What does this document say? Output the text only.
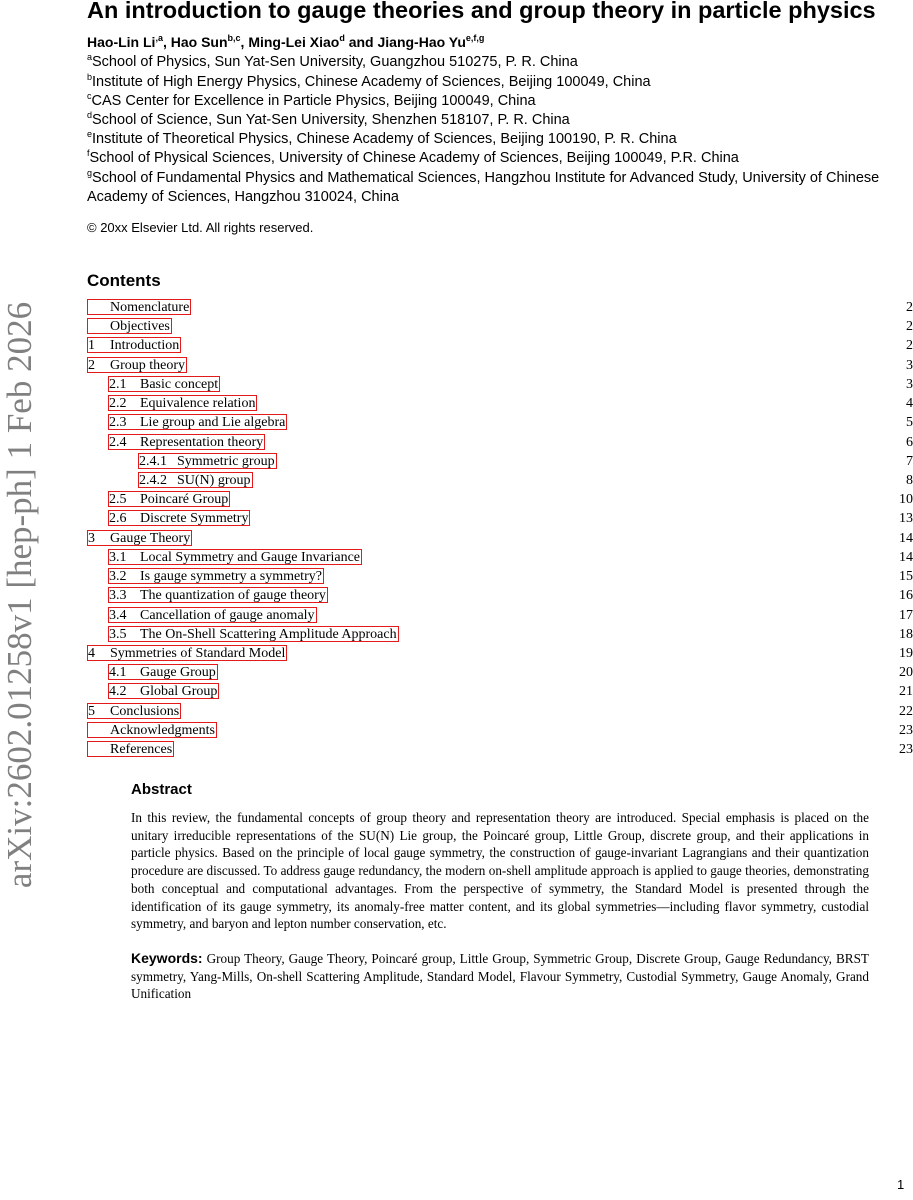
An introduction to gauge theories and group theory in particle physics
Hao-Lin $Li^{,a}$, Hao Sun$^{b,c}$, Ming-Lei Xiao$^d$ and Jiang-Hao Yu$^{e,f,g}$
$^a$School of Physics, Sun Yat-Sen University, Guangzhou 510275, P. R. China
$^b$Institute of High Energy Physics, Chinese Academy of Sciences, Beijing 100049, China
$^c$CAS Center for Excellence in Particle Physics, Beijing 100049, China
$^d$School of Science, Sun Yat-Sen University, Shenzhen 518107, P. R. China
$^e$Institute of Theoretical Physics, Chinese Academy of Sciences, Beijing 100190, P. R. China
$^f$School of Physical Sciences, University of Chinese Academy of Sciences, Beijing 100049, P.R. China
$^g$School of Fundamental Physics and Mathematical Sciences, Hangzhou Institute for Advanced Study, University of Chinese Academy of Sciences, Hangzhou 310024, China
© 20xx Elsevier Ltd. All rights reserved.
arXiv:2602.01258v1 [hep-ph] 1 Feb 2026
Contents
Nomenclature	2
Objectives	2
1 Introduction	2
2 Group theory	3
2.1 Basic concept	3
2.2 Equivalence relation	4
2.3 Lie group and Lie algebra	5
2.4 Representation theory	6
2.4.1 Symmetric group	7
2.4.2 SU(N) group	8
2.5 Poincaré Group	10
2.6 Discrete Symmetry	13
3 Gauge Theory	14
3.1 Local Symmetry and Gauge Invariance	14
3.2 Is gauge symmetry a symmetry?	15
3.3 The quantization of gauge theory	16
3.4 Cancellation of gauge anomaly	17
3.5 The On-Shell Scattering Amplitude Approach	18
4 Symmetries of Standard Model	19
4.1 Gauge Group	20
4.2 Global Group	21
5 Conclusions	22
Acknowledgments	23
References	23
Abstract
In this review, the fundamental concepts of group theory and representation theory are introduced. Special emphasis is placed on the unitary irreducible representations of the SU(N) Lie group, the Poincaré group, Little Group, discrete group, and their applications in particle physics. Based on the principle of local gauge symmetry, the construction of gauge-invariant Lagrangians and their quantization procedure are discussed. To address gauge redundancy, the modern on-shell amplitude approach is applied to gauge theories, demonstrating both conceptual and computational advantages. From the perspective of symmetry, the Standard Model is presented through the identification of its gauge symmetry, its anomaly-free matter content, and its global symmetries—including flavor symmetry, custodial symmetry, and baryon and lepton number conservation, etc.
Keywords: Group Theory, Gauge Theory, Poincaré group, Little Group, Symmetric Group, Discrete Group, Gauge Redundancy, BRST symmetry, Yang-Mills, On-shell Scattering Amplitude, Standard Model, Flavour Symmetry, Custodial Symmetry, Gauge Anomaly, Grand Unification
1
